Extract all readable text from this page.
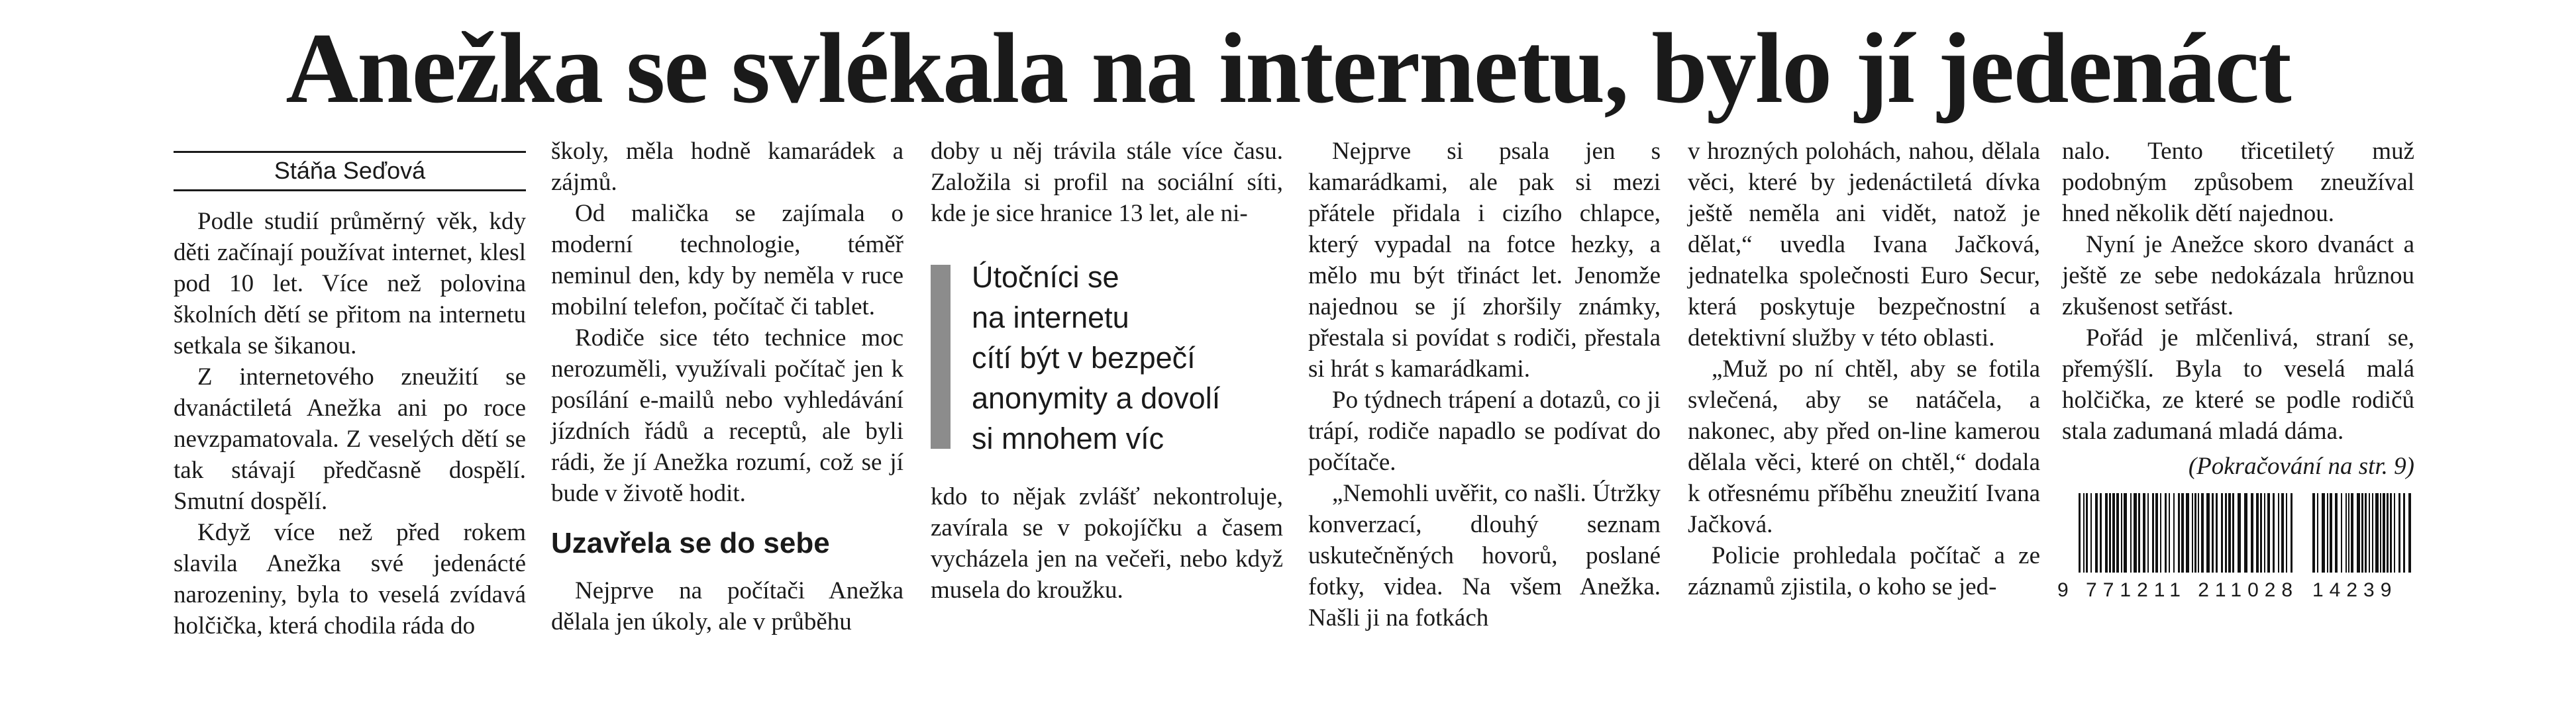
Anežka se svlékala na internetu, bylo jí jedenáct
Stáňa Seďová

Podle studií průměrný věk, kdy děti začínají používat internet, klesl pod 10 let. Více než polovina školních dětí se přitom na internetu setkala se šikanou.

Z internetového zneužití se dvanáctiletá Anežka ani po roce nevzpamatovala. Z veselých dětí se tak stávají předčasně dospělí. Smutní dospělí.

Když více než před rokem slavila Anežka své jedenácté narozeniny, byla to veselá zvídavá holčička, která chodila ráda do

školy, měla hodně kamarádek a zájmů.

Od malička se zajímala o moderní technologie, téměř neminul den, kdy by neměla v ruce mobilní telefon, počítač či tablet.

Rodiče sice této technice moc nerozuměli, využívali počítač jen k posílání e-mailů nebo vyhledávání jízdních řádů a receptů, ale byli rádi, že jí Anežka rozumí, což se jí bude v životě hodit.

Uzavřela se do sebe

Nejprve na počítači Anežka dělala jen úkoly, ale v průběhu

doby u něj trávila stále více času. Založila si profil na sociální síti, kde je sice hranice 13 let, ale ni-

Útočníci se
na internetu
cítí být v bezpečí
anonymity a dovolí
si mnohem víc

kdo to nějak zvlášť nekontroluje, zavírala se v pokojíčku a časem vycházela jen na večeři, nebo když musela do kroužku.

Nejprve si psala jen s kamarádkami, ale pak si mezi přátele přidala i cizího chlapce, který vypadal na fotce hezky, a mělo mu být třináct let. Jenomže najednou se jí zhoršily známky, přestala si povídat s rodiči, přestala si hrát s kamarádkami.

Po týdnech trápení a dotazů, co ji trápí, rodiče napadlo se podívat do počítače.

„Nemohli uvěřit, co našli. Útržky konverzací, dlouhý seznam uskutečněných hovorů, poslané fotky, videa. Na všem Anežka. Našli ji na fotkách

v hrozných polohách, nahou, dělala věci, které by jedenáctiletá dívka ještě neměla ani vidět, natož je dělat,“ uvedla Ivana Jačková, jednatelka společnosti Euro Secur, která poskytuje bezpečnostní a detektivní služby v této oblasti.

„Muž po ní chtěl, aby se fotila svlečená, aby se natáčela, a nakonec, aby před on-line kamerou dělala věci, které on chtěl,“ dodala k otřesnému příběhu zneužití Ivana Jačková.

Policie prohledala počítač a ze záznamů zjistila, o koho se jed-

nalo. Tento třicetiletý muž podobným způsobem zneužíval hned několik dětí najednou.

Nyní je Anežce skoro dvanáct a ještě ze sebe nedokázala hrůznou zkušenost setřást.

Pořád je mlčenlivá, straní se, přemýšlí. Byla to veselá malá holčička, ze které se podle rodičů stala zadumaná mladá dáma.

(Pokračování na str. 9)

9 771211 211028 14239
